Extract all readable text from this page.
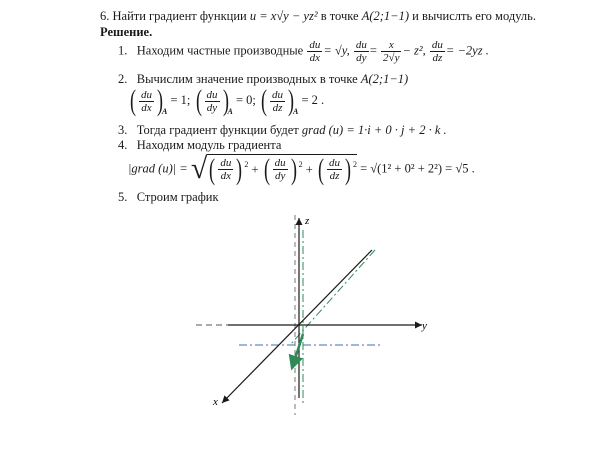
6. Найти градиент функции u = x√y − yz² в точке A(2;1−1) и вычислть его модуль.
Решение.
1. Находим частные производные $\frac{du}{dx} = √y$, $\frac{du}{dy} = \frac{x}{2√y} - z^2$, $\frac{du}{dz} = -2yz$ .
2. Вычислим значение производных в точке A(2;1−1)
( $\frac{du}{dx} )_A = 1$; ( $\frac{du}{dy} )_A = 0$; ( $\frac{du}{dz} )_A = 2$ .
3. Тогда градиент функции будет grad (u) = 1·i + 0 · j + 2 · k .
4. Находим модуль градиента
|grad (u)| = √( $\frac{du}{dx}$ ) $^2$ + ( $\frac{du}{dy}$ ) $^2$ + ( $\frac{du}{dz}$ ) $^2$ = √(1² + 0² + 2²) = √5 .
5. Строим график
z
y
x
